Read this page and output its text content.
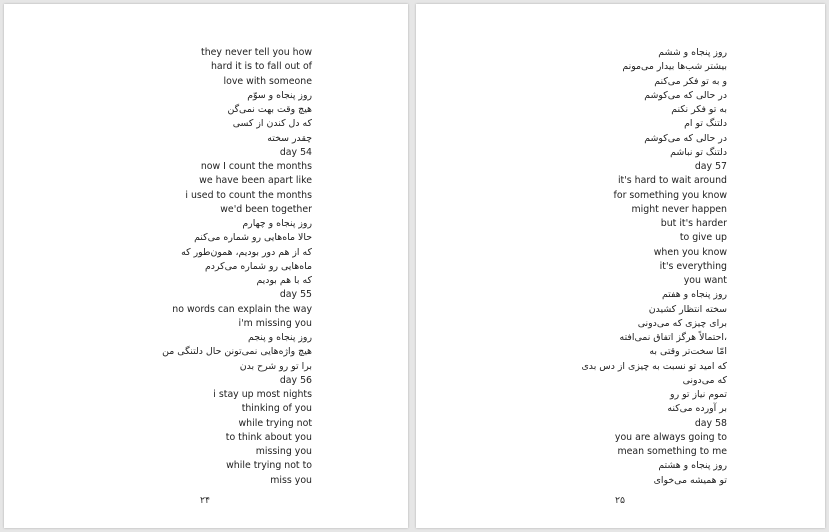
they never tell you how
hard it is to fall out of
love with someone
روز پنجاه و سوّم
هیچ وقت بهت نمی‌گن
که دل کندن از کسی
چقدر سخته
day 54
now I count the months
we have been apart like
i used to count the months
we'd been together
روز پنجاه و چهارم
حالا ماه‌هایی رو شماره می‌کنم
که از هم دور بودیم، همون‌طور که
ماه‌هایی رو شماره می‌کردم
که با هم بودیم
day 55
no words can explain the way
i'm missing you
روز پنجاه و پنجم
هیچ واژه‌هایی نمی‌تونن حال دلتنگی من
برا تو رو شرح بدن
day 56
i stay up most nights
thinking of you
while trying not
to think about you
missing you
while trying not to
miss you
۲۴
روز پنجاه و ششم
بیشتر شب‌ها بیدار می‌مونم
و به تو فکر می‌کنم
در حالی که می‌کوشم
به تو فکر نکنم
دلتنگ تو ام
در حالی که می‌کوشم
دلتنگ تو نباشم
day 57
it's hard to wait around
for something you know
might never happen
but it's harder
to give up
when you know
it's everything
you want
روز پنجاه و هفتم
سخته انتظار کشیدن
برای چیزی که می‌دونی
احتمالاً هرگز اتفاق نمی‌افته،
امّا سخت‌تر وقتی به
که امید تو نسبت به چیزی از دس بدی
که می‌دونی
تموم نیاز تو رو
بر آورده می‌کنه
day 58
you are always going to
mean something to me
روز پنجاه و هشتم
تو همیشه می‌خوای
۲۵
